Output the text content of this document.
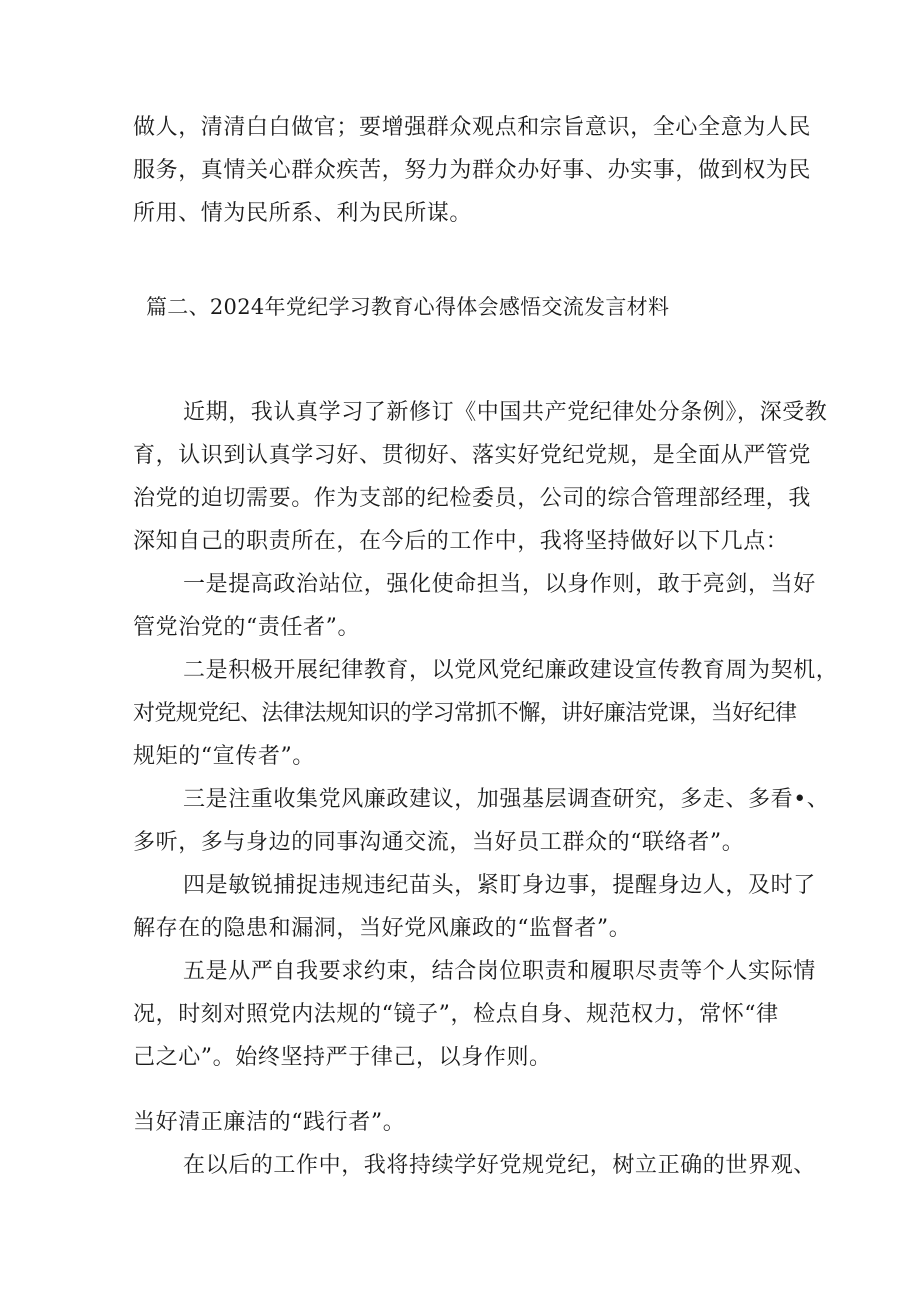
做人，清清白白做官；要增强群众观点和宗旨意识，全心全意为人民
服务，真情关心群众疾苦，努力为群众办好事、办实事，做到权为民
所用、情为民所系、利为民所谋。
篇二、2024年党纪学习教育心得体会感悟交流发言材料
近期，我认真学习了新修订《中国共产党纪律处分条例》，深受教
育，认识到认真学习好、贯彻好、落实好党纪党规，是全面从严管党
治党的迫切需要。作为支部的纪检委员，公司的综合管理部经理，我
深知自己的职责所在，在今后的工作中，我将坚持做好以下几点：
一是提高政治站位，强化使命担当，以身作则，敢于亮剑，当好
管党治党的“责任者”。
二是积极开展纪律教育，以党风党纪廉政建设宣传教育周为契机，
对党规党纪、法律法规知识的学习常抓不懈，讲好廉洁党课，当好纪律
规矩的“宣传者”。
三是注重收集党风廉政建议，加强基层调查研究，多走、多看•、
多听，多与身边的同事沟通交流，当好员工群众的“联络者”。
四是敏锐捕捉违规违纪苗头，紧盯身边事，提醒身边人，及时了
解存在的隐患和漏洞，当好党风廉政的“监督者”。
五是从严自我要求约束，结合岗位职责和履职尽责等个人实际情
况，时刻对照党内法规的“镜子”，检点自身、规范权力，常怀“律
己之心”。始终坚持严于律己，以身作则。
当好清正廉洁的“践行者”。
在以后的工作中，我将持续学好党规党纪，树立正确的世界观、
